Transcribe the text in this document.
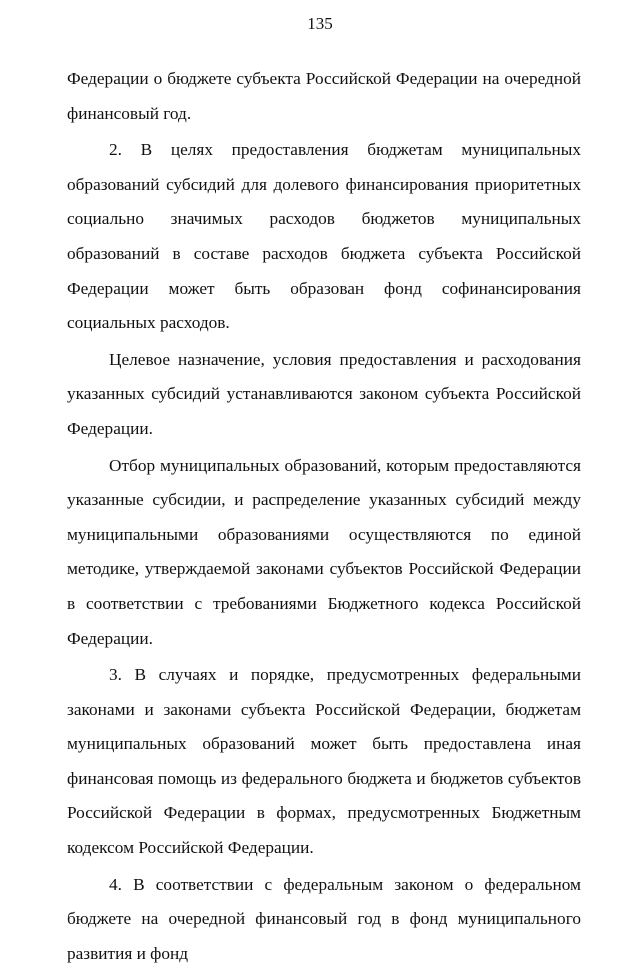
135

Федерации о бюджете субъекта Российской Федерации на очередной финансовый год.

2. В целях предоставления бюджетам муниципальных образований субсидий для долевого финансирования приоритетных социально значимых расходов бюджетов муниципальных образований в составе расходов бюджета субъекта Российской Федерации может быть образован фонд софинансирования социальных расходов.

Целевое назначение, условия предоставления и расходования указанных субсидий устанавливаются законом субъекта Российской Федерации.

Отбор муниципальных образований, которым предоставляются указанные субсидии, и распределение указанных субсидий между муниципальными образованиями осуществляются по единой методике, утверждаемой законами субъектов Российской Федерации в соответствии с требованиями Бюджетного кодекса Российской Федерации.

3. В случаях и порядке, предусмотренных федеральными законами и законами субъекта Российской Федерации, бюджетам муниципальных образований может быть предоставлена иная финансовая помощь из федерального бюджета и бюджетов субъектов Российской Федерации в формах, предусмотренных Бюджетным кодексом Российской Федерации.

4. В соответствии с федеральным законом о федеральном бюджете на очередной финансовый год в фонд муниципального развития и фонд
